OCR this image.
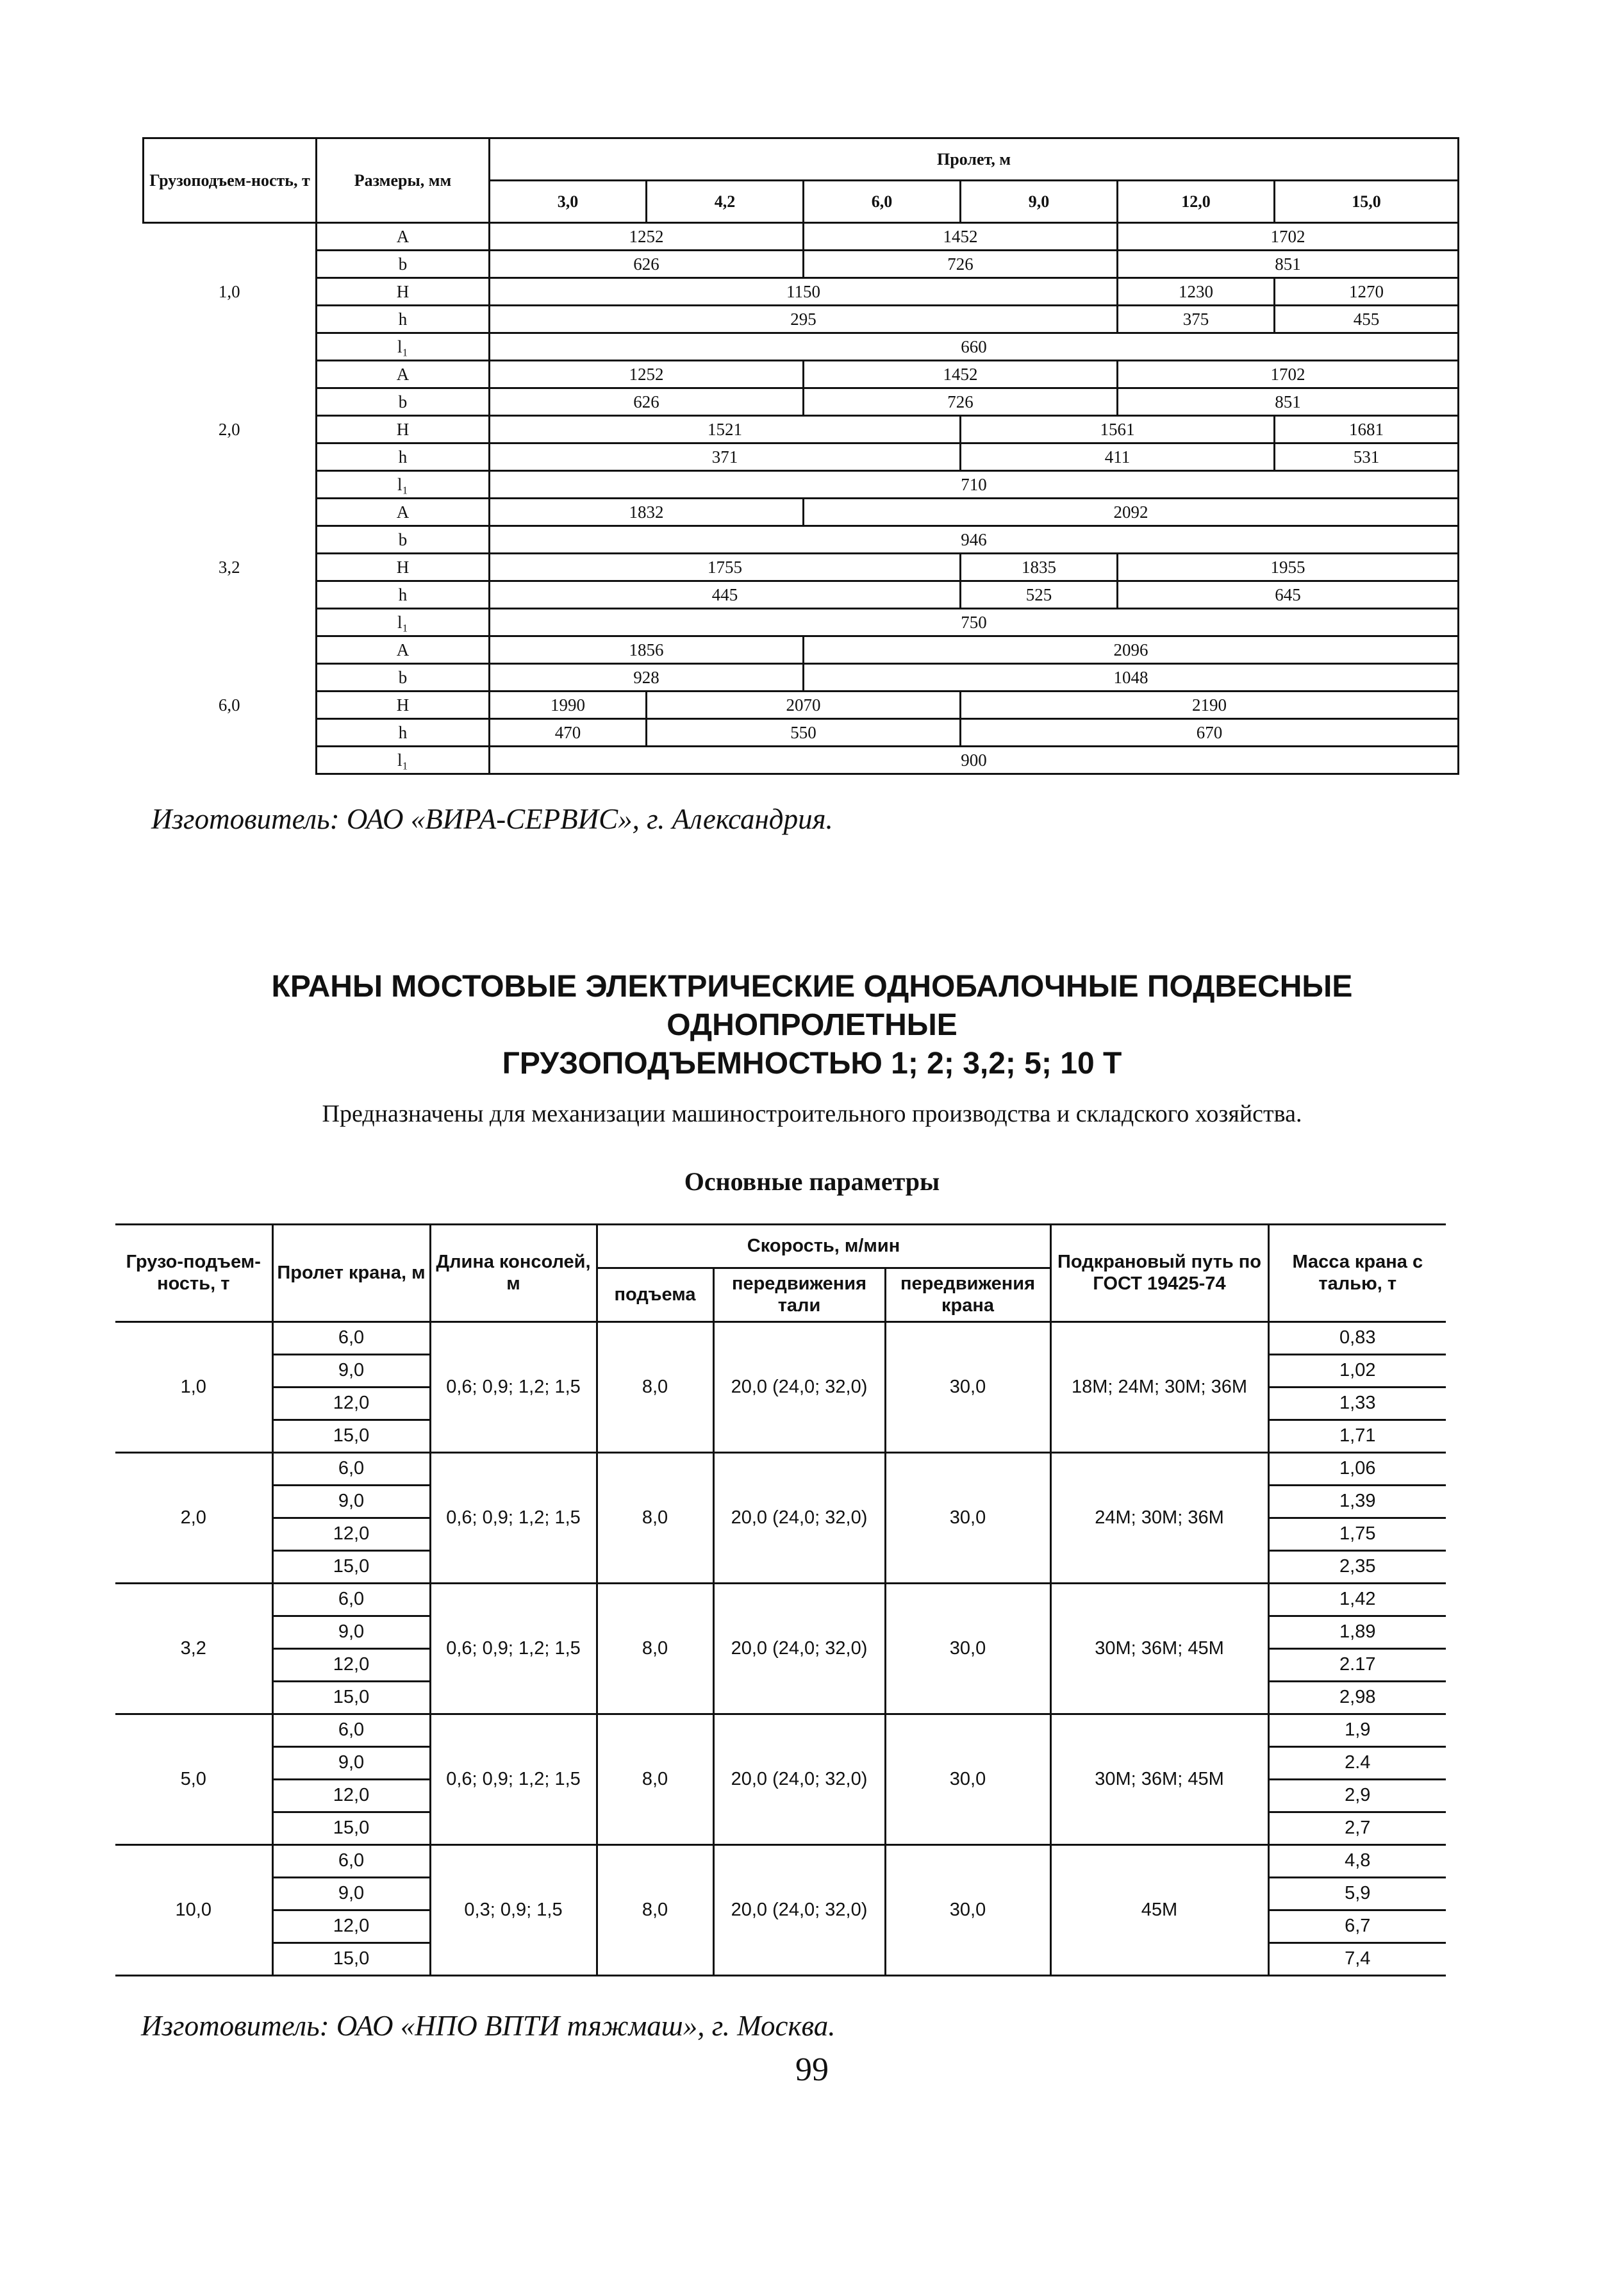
Грузоподъем-ность, т	Размеры, мм	Пролет, м					
		3,0	4,2	6,0	9,0	12,0	15,0
1,0	A	1252		1452		1702	
	b	626		726		851	
	H	1150				1230	1270
	h	295				375	455
	l₁	660					
2,0	A	1252		1452		1702	
	b	626		726		851	
	H	1521			1561		1681
	h	371			411		531
	l₁	710					
3,2	A	1832		2092			
	b	946					
	H	1755			1835	1955	
	h	445			525	645	
	l₁	750					
6,0	A	1856		2096			
	b	928		1048			
	H	1990	2070		2190		
	h	470	550		670		
	l₁	900					
Изготовитель: ОАО «ВИРА-СЕРВИС», г. Александрия.
КРАНЫ МОСТОВЫЕ ЭЛЕКТРИЧЕСКИЕ ОДНОБАЛОЧНЫЕ ПОДВЕСНЫЕ
ОДНОПРОЛЕТНЫЕ
ГРУЗОПОДЪЕМНОСТЬЮ 1; 2; 3,2; 5; 10 Т
Предназначены для механизации машиностроительного производства и складского хозяйства.
Основные параметры
Грузо-подъем-ность, т	Пролет крана, м	Длина консолей, м	Скорость, м/мин			Подкрановый путь по ГОСТ 19425-74	Масса крана с талью, т
			подъема	передвижения тали	передвижения крана		
1,0	6,0	0,6; 0,9; 1,2; 1,5	8,0	20,0 (24,0; 32,0)	30,0	18М; 24М; 30М; 36М	0,83
	9,0						1,02
	12,0						1,33
	15,0						1,71
2,0	6,0	0,6; 0,9; 1,2; 1,5	8,0	20,0 (24,0; 32,0)	30,0	24М; 30М; 36М	1,06
	9,0						1,39
	12,0						1,75
	15,0						2,35
3,2	6,0	0,6; 0,9; 1,2; 1,5	8,0	20,0 (24,0; 32,0)	30,0	30М; 36М; 45М	1,42
	9,0						1,89
	12,0						2.17
	15,0						2,98
5,0	6,0	0,6; 0,9; 1,2; 1,5	8,0	20,0 (24,0; 32,0)	30,0	30М; 36М; 45М	1,9
	9,0						2.4
	12,0						2,9
	15,0						2,7
10,0	6,0	0,3; 0,9; 1,5	8,0	20,0 (24,0; 32,0)	30,0	45М	4,8
	9,0						5,9
	12,0						6,7
	15,0						7,4
Изготовитель: ОАО «НПО ВПТИ тяжмаш», г. Москва.
99
